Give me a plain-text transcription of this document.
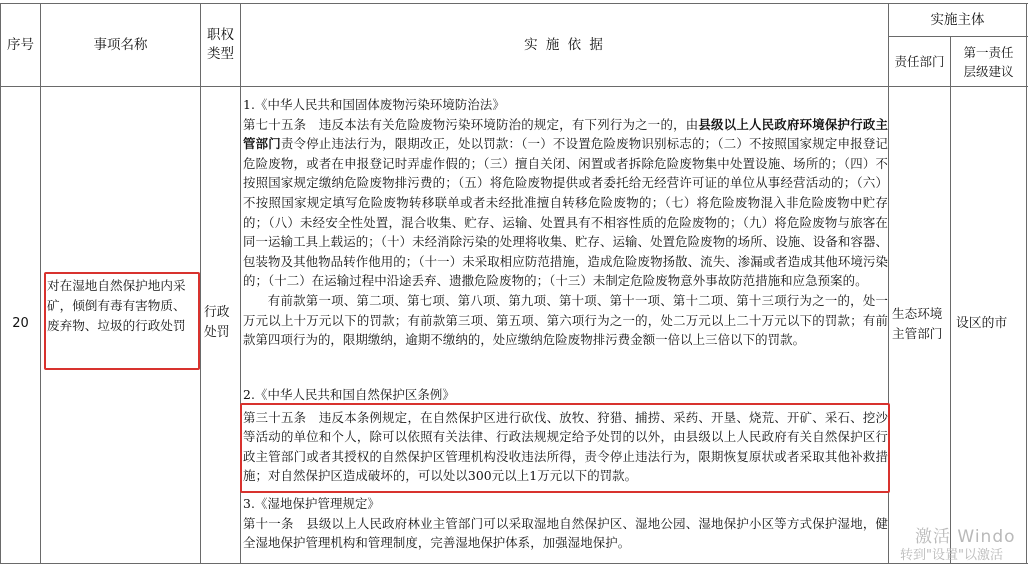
序号	事项名称
职权
类型
实 施 依 据
实施主体
责任部门
第一责任
层级建议
20
对在湿地自然保护地内采矿，倾倒有毒有害物质、废弃物、垃圾的行政处罚
行政处罚
生态环境主管部门
设区的市

1.《中华人民共和国固体废物污染环境防治法》

第七十五条　违反本法有关危险废物污染环境防治的规定，有下列行为之一的，由县级以上人民政府环境保护行政主管部门责令停止违法行为，限期改正，处以罚款：（一）不设置危险废物识别标志的；（二）不按照国家规定申报登记危险废物，或者在申报登记时弄虚作假的；（三）擅自关闭、闲置或者拆除危险废物集中处置设施、场所的；（四）不按照国家规定缴纳危险废物排污费的；（五）将危险废物提供或者委托给无经营许可证的单位从事经营活动的；（六）不按照国家规定填写危险废物转移联单或者未经批准擅自转移危险废物的；（七）将危险废物混入非危险废物中贮存的；（八）未经安全性处置，混合收集、贮存、运输、处置具有不相容性质的危险废物的；（九）将危险废物与旅客在同一运输工具上载运的；（十）未经消除污染的处理将收集、贮存、运输、处置危险废物的场所、设施、设备和容器、包装物及其他物品转作他用的；（十一）未采取相应防范措施，造成危险废物扬散、流失、渗漏或者造成其他环境污染的；（十二）在运输过程中沿途丢弃、遗撒危险废物的；（十三）未制定危险废物意外事故防范措施和应急预案的。

有前款第一项、第二项、第七项、第八项、第九项、第十项、第十一项、第十二项、第十三项行为之一的，处一万元以上十万元以下的罚款；有前款第三项、第五项、第六项行为之一的，处二万元以上二十万元以下的罚款；有前款第四项行为的，限期缴纳，逾期不缴纳的，处应缴纳危险废物排污费金额一倍以上三倍以下的罚款。

2.《中华人民共和国自然保护区条例》

第三十五条　违反本条例规定，在自然保护区进行砍伐、放牧、狩猎、捕捞、采药、开垦、烧荒、开矿、采石、挖沙等活动的单位和个人，除可以依照有关法律、行政法规规定给予处罚的以外，由县级以上人民政府有关自然保护区行政主管部门或者其授权的自然保护区管理机构没收违法所得，责令停止违法行为，限期恢复原状或者采取其他补救措施；对自然保护区造成破坏的，可以处以300元以上1万元以下的罚款。

3.《湿地保护管理规定》

第十一条　县级以上人民政府林业主管部门可以采取湿地自然保护区、湿地公园、湿地保护小区等方式保护湿地，健全湿地保护管理机构和管理制度，完善湿地保护体系，加强湿地保护。	激活 Windo
转到"设置"以激活
